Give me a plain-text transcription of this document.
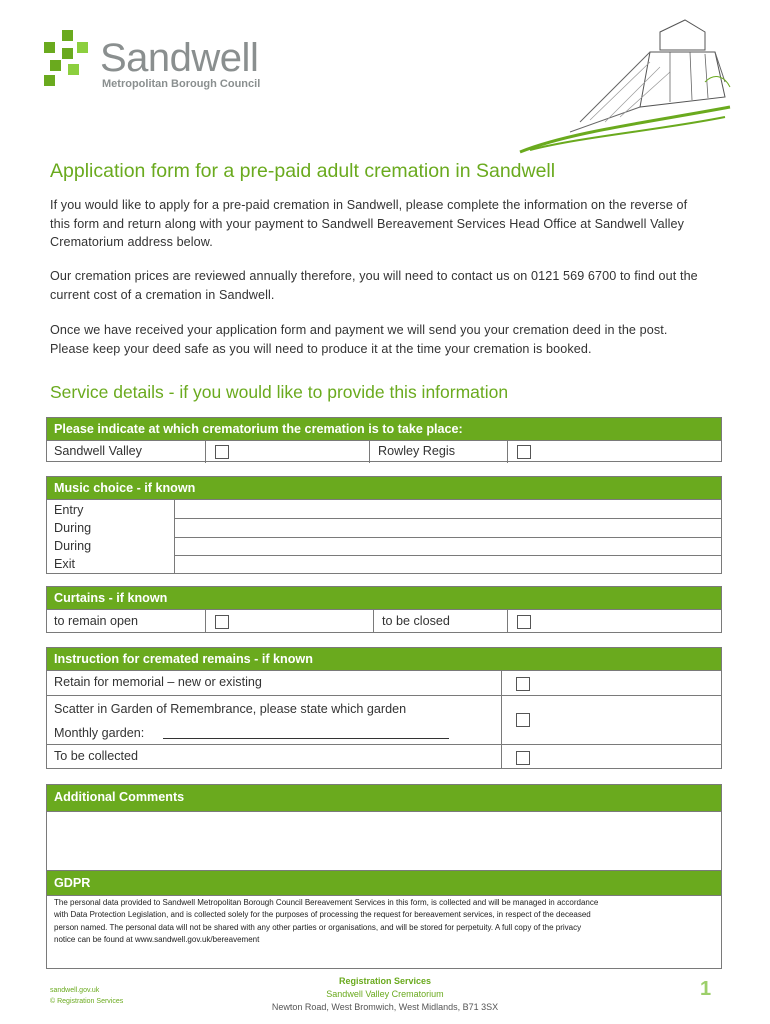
Sandwell
Metropolitan Borough Council
Application form for a pre-paid adult cremation in Sandwell

If you would like to apply for a pre-paid cremation in Sandwell, please complete the information on the reverse of this form and return along with your payment to Sandwell Bereavement Services Head Office at Sandwell Valley Crematorium address below.

Our cremation prices are reviewed annually therefore, you will need to contact us on 0121 569 6700 to find out the current cost of a cremation in Sandwell.

Once we have received your application form and payment we will send you your cremation deed in the post. Please keep your deed safe as you will need to produce it at the time your cremation is booked.

Service details - if you would like to provide this information
Please indicate at which crematorium the cremation is to take place:
Sandwell Valley	Rowley Regis
Music choice - if known
Entry
During
During
Exit
Curtains - if known
to remain open	to be closed
Instruction for cremated remains - if known
Retain for memorial – new or existing
Scatter in Garden of Remembrance, please state which garden
Monthly garden:
To be collected
Additional Comments
GDPR
The personal data provided to Sandwell Metropolitan Borough Council Bereavement Services in this form, is collected and will be managed in accordance
with Data Protection Legislation, and is collected solely for the purposes of processing the request for bereavement services, in respect of the deceased
person named. The personal data will not be shared with any other parties or organisations, and will be stored for perpetuity. A full copy of the privacy
notice can be found at www.sandwell.gov.uk/bereavement
sandwell.gov.uk
© Registration Services
Registration Services
Sandwell Valley Crematorium
Newton Road, West Bromwich, West Midlands, B71 3SX
1
